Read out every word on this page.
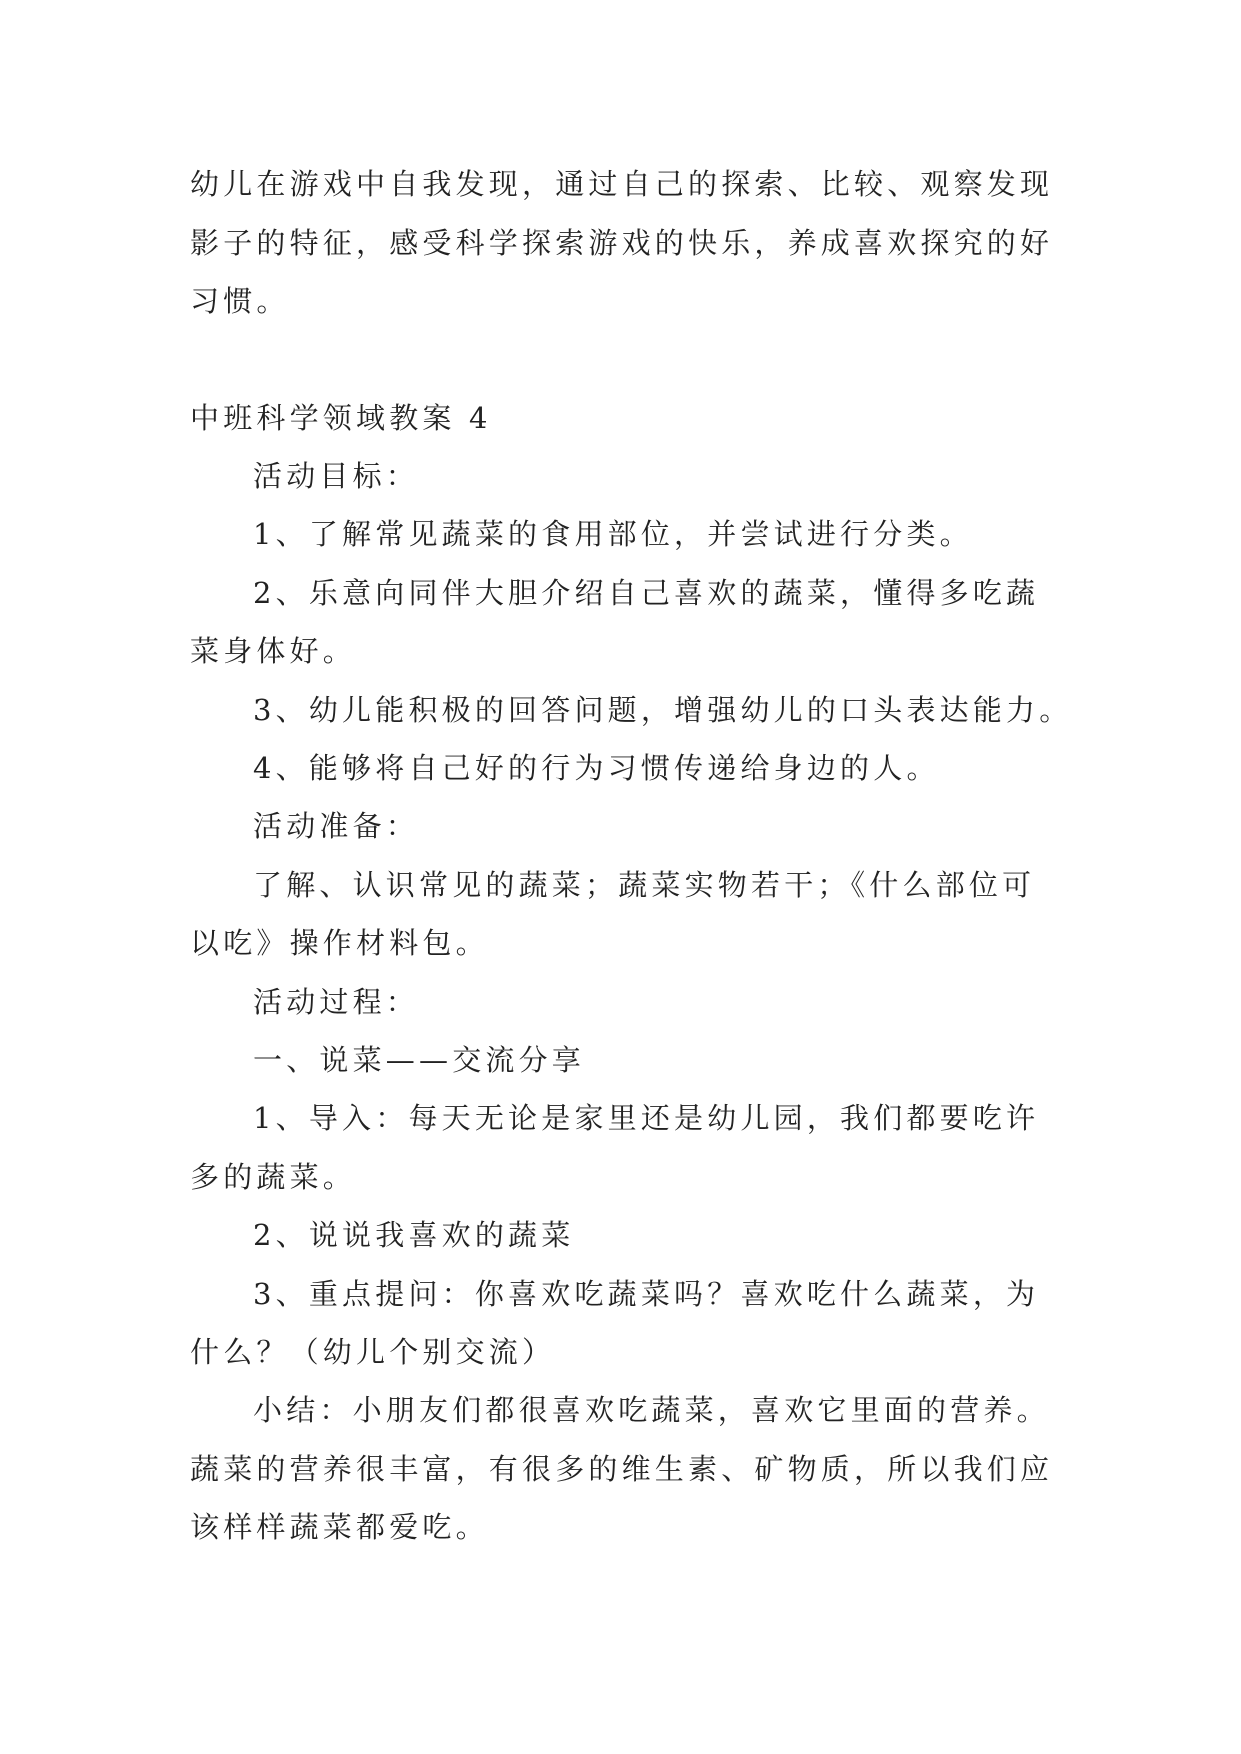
幼儿在游戏中自我发现，通过自己的探索、比较、观察发现
影子的特征，感受科学探索游戏的快乐，养成喜欢探究的好
习惯。
中班科学领域教案 4
活动目标：
1、了解常见蔬菜的食用部位，并尝试进行分类。
2、乐意向同伴大胆介绍自己喜欢的蔬菜，懂得多吃蔬
菜身体好。
3、幼儿能积极的回答问题，增强幼儿的口头表达能力。
4、能够将自己好的行为习惯传递给身边的人。
活动准备：
了解、认识常见的蔬菜；蔬菜实物若干；《什么部位可
以吃》操作材料包。
活动过程：
一、说菜——交流分享
1、导入：每天无论是家里还是幼儿园，我们都要吃许
多的蔬菜。
2、说说我喜欢的蔬菜
3、重点提问：你喜欢吃蔬菜吗？喜欢吃什么蔬菜，为
什么？（幼儿个别交流）
小结：小朋友们都很喜欢吃蔬菜，喜欢它里面的营养。
蔬菜的营养很丰富，有很多的维生素、矿物质，所以我们应
该样样蔬菜都爱吃。
